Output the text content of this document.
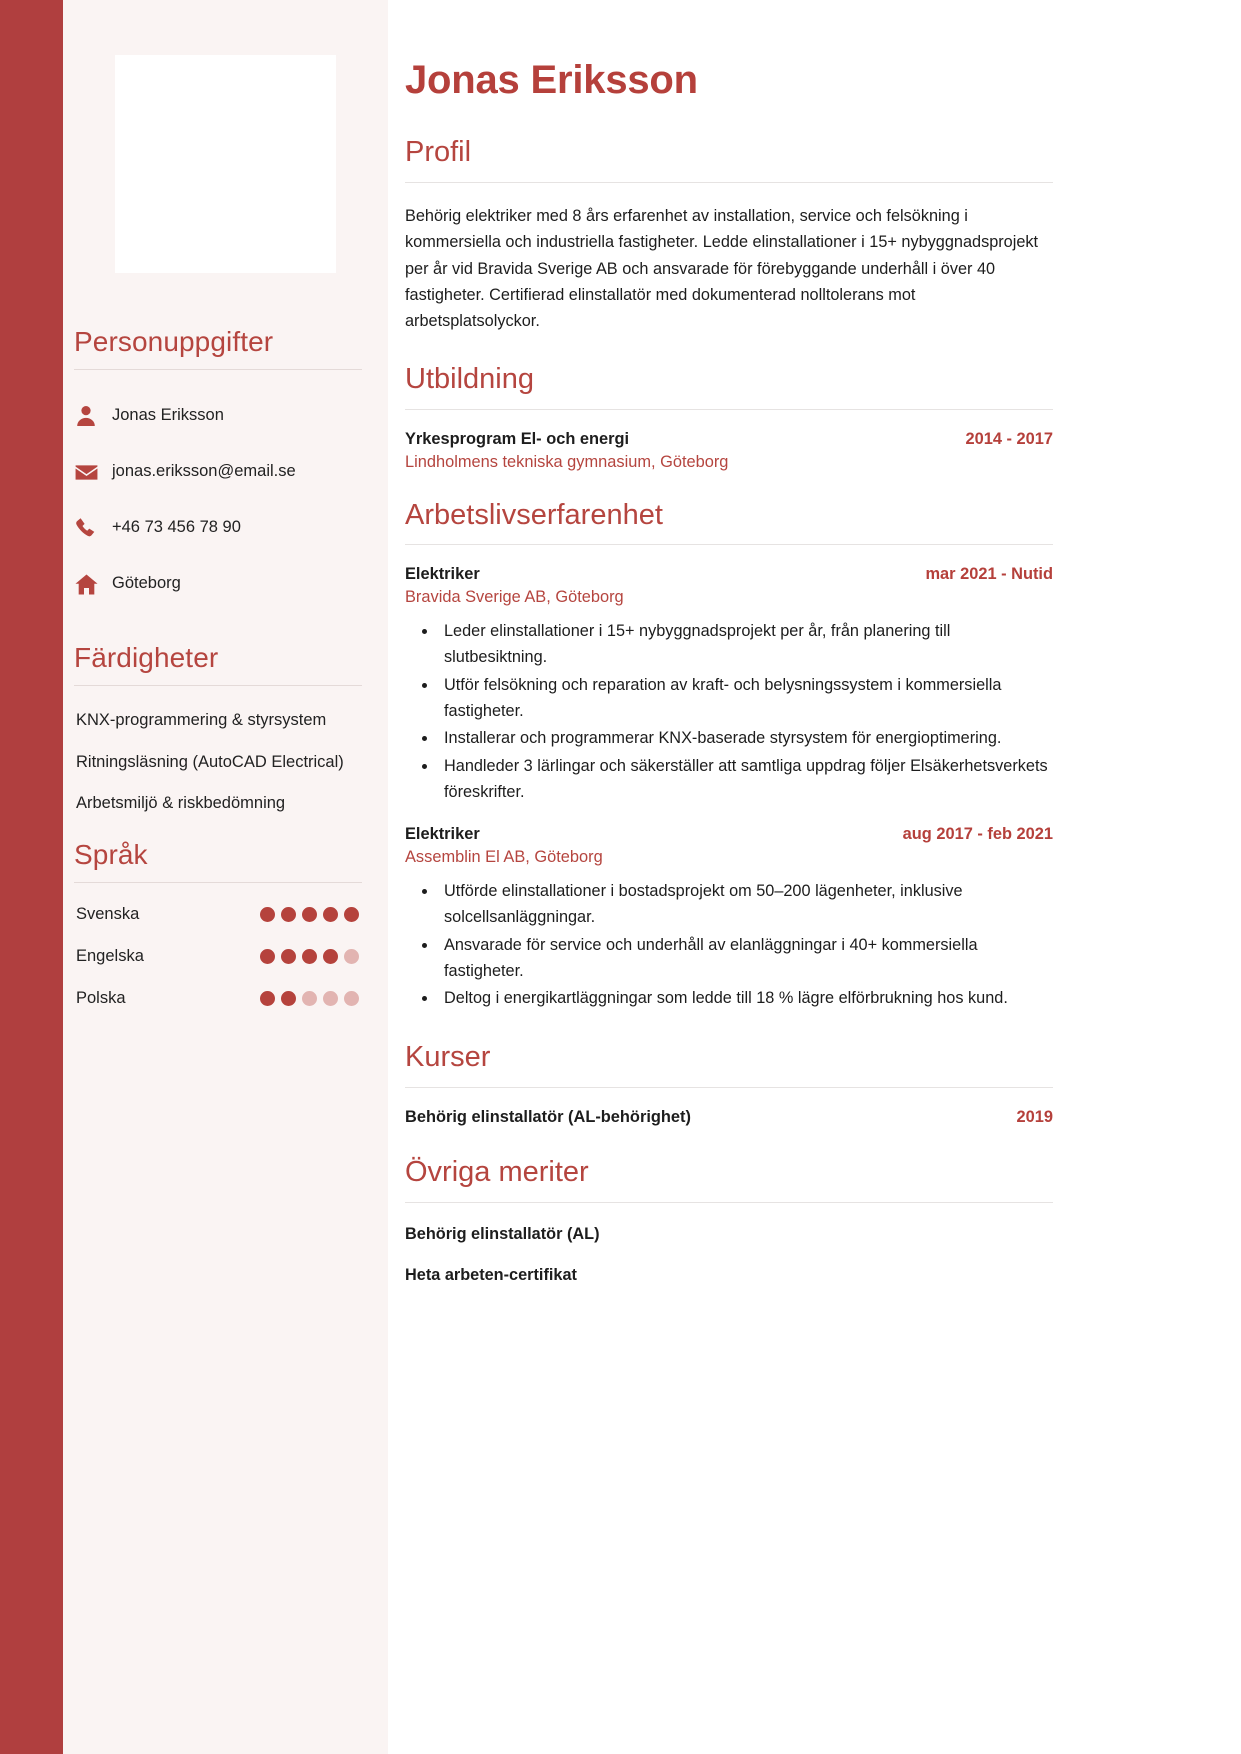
Personuppgifter
Jonas Eriksson
jonas.eriksson@email.se
+46 73 456 78 90
Göteborg
Färdigheter
KNX-programmering & styrsystem
Ritningsläsning (AutoCAD Electrical)
Arbetsmiljö & riskbedömning
Språk
Svenska
Engelska
Polska
Jonas Eriksson
Profil

Behörig elektriker med 8 års erfarenhet av installation, service och felsökning i kommersiella och industriella fastigheter. Ledde elinstallationer i 15+ nybyggnadsprojekt per år vid Bravida Sverige AB och ansvarade för förebyggande underhåll i över 40 fastigheter. Certifierad elinstallatör med dokumenterad nolltolerans mot arbetsplatsolyckor.

Utbildning
Yrkesprogram El- och energi	2014 - 2017
Lindholmens tekniska gymnasium, Göteborg
Arbetslivserfarenhet
Elektriker	mar 2021 - Nutid
Bravida Sverige AB, Göteborg
• Leder elinstallationer i 15+ nybyggnadsprojekt per år, från planering till slutbesiktning.
• Utför felsökning och reparation av kraft- och belysningssystem i kommersiella fastigheter.
• Installerar och programmerar KNX-baserade styrsystem för energioptimering.
• Handleder 3 lärlingar och säkerställer att samtliga uppdrag följer Elsäkerhetsverkets föreskrifter.
Elektriker	aug 2017 - feb 2021
Assemblin El AB, Göteborg
• Utförde elinstallationer i bostadsprojekt om 50–200 lägenheter, inklusive solcellsanläggningar.
• Ansvarade för service och underhåll av elanläggningar i 40+ kommersiella fastigheter.
• Deltog i energikartläggningar som ledde till 18 % lägre elförbrukning hos kund.
Kurser
Behörig elinstallatör (AL-behörighet)	2019
Övriga meriter
Behörig elinstallatör (AL)
Heta arbeten-certifikat
